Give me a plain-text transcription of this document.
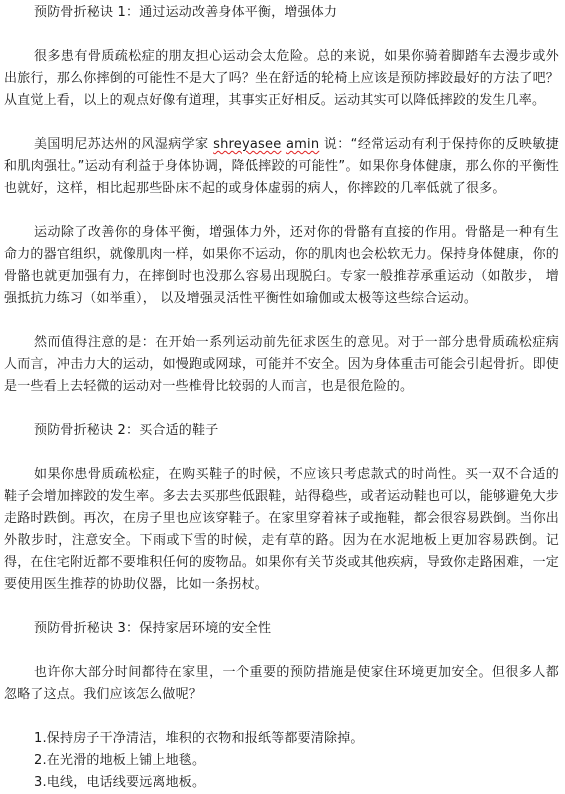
预防骨折秘诀 1：通过运动改善身体平衡，增强体力

很多患有骨质疏松症的朋友担心运动会太危险。总的来说，如果你骑着脚踏车去漫步或外出旅行，那么你摔倒的可能性不是大了吗？坐在舒适的轮椅上应该是预防摔跤最好的方法了吧？从直觉上看，以上的观点好像有道理，其事实正好相反。运动其实可以降低摔跤的发生几率。

美国明尼苏达州的风湿病学家 shreyasee amin 说：“经常运动有利于保持你的反映敏捷和肌肉强壮。”运动有利益于身体协调，降低摔跤的可能性”。如果你身体健康，那么你的平衡性也就好，这样，相比起那些卧床不起的或身体虚弱的病人，你摔跤的几率低就了很多。

运动除了改善你的身体平衡，增强体力外，还对你的骨骼有直接的作用。骨骼是一种有生命力的器官组织，就像肌肉一样，如果你不运动，你的肌肉也会松软无力。保持身体健康，你的骨骼也就更加强有力，在摔倒时也没那么容易出现脱臼。专家一般推荐承重运动（如散步， 增强抵抗力练习（如举重）， 以及增强灵活性平衡性如瑜伽或太极等这些综合运动。

然而值得注意的是：在开始一系列运动前先征求医生的意见。对于一部分患骨质疏松症病人而言，冲击力大的运动，如慢跑或网球，可能并不安全。因为身体重击可能会引起骨折。即使是一些看上去轻微的运动对一些椎骨比较弱的人而言，也是很危险的。

预防骨折秘诀 2：买合适的鞋子

如果你患骨质疏松症，在购买鞋子的时候，不应该只考虑款式的时尚性。买一双不合适的鞋子会增加摔跤的发生率。多去去买那些低跟鞋，站得稳些，或者运动鞋也可以，能够避免大步走路时跌倒。再次，在房子里也应该穿鞋子。在家里穿着袜子或拖鞋，都会很容易跌倒。当你出外散步时，注意安全。下雨或下雪的时候，走有草的路。因为在水泥地板上更加容易跌倒。记得，在住宅附近都不要堆积任何的废物品。如果你有关节炎或其他疾病，导致你走路困难，一定要使用医生推荐的协助仪器，比如一条拐杖。

预防骨折秘诀 3：保持家居环境的安全性

也许你大部分时间都待在家里，一个重要的预防措施是使家住环境更加安全。但很多人都忽略了这点。我们应该怎么做呢？

1.保持房子干净清洁，堆积的衣物和报纸等都要清除掉。
2.在光滑的地板上铺上地毯。
3.电线，电话线要远离地板。
